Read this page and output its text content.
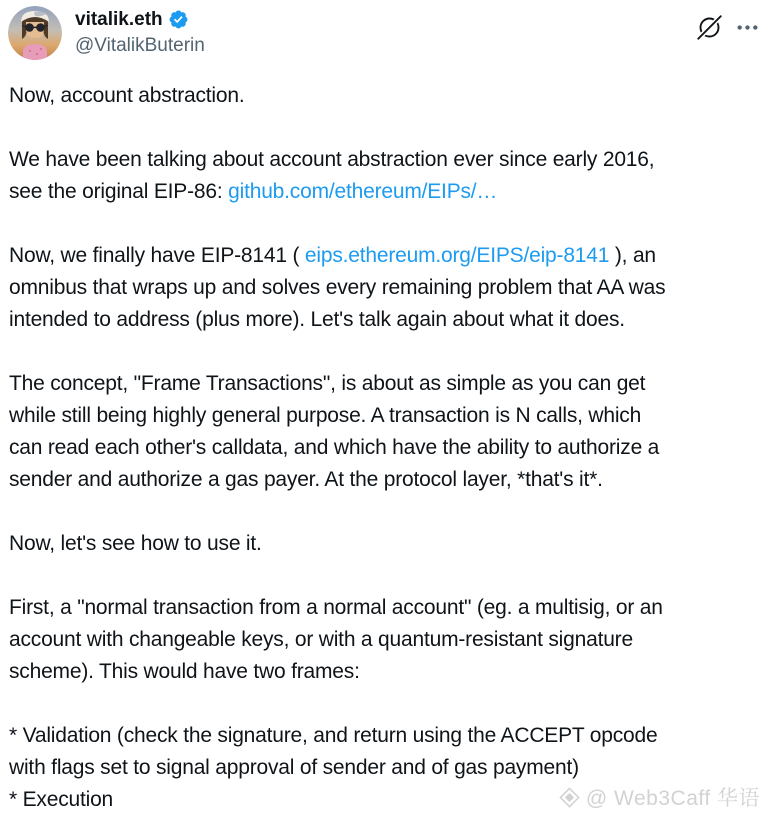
vitalik.eth
@VitalikButerin

Now, account abstraction.

We have been talking about account abstraction ever since early 2016,
see the original EIP-86: github.com/ethereum/EIPs/…

Now, we finally have EIP-8141 ( eips.ethereum.org/EIPS/eip-8141 ), an
omnibus that wraps up and solves every remaining problem that AA was
intended to address (plus more). Let's talk again about what it does.

The concept, "Frame Transactions", is about as simple as you can get
while still being highly general purpose. A transaction is N calls, which
can read each other's calldata, and which have the ability to authorize a
sender and authorize a gas payer. At the protocol layer, *that's it*.

Now, let's see how to use it.

First, a "normal transaction from a normal account" (eg. a multisig, or an
account with changeable keys, or with a quantum-resistant signature
scheme). This would have two frames:

* Validation (check the signature, and return using the ACCEPT opcode
with flags set to signal approval of sender and of gas payment)
* Execution	@ Web3Caff 华语
